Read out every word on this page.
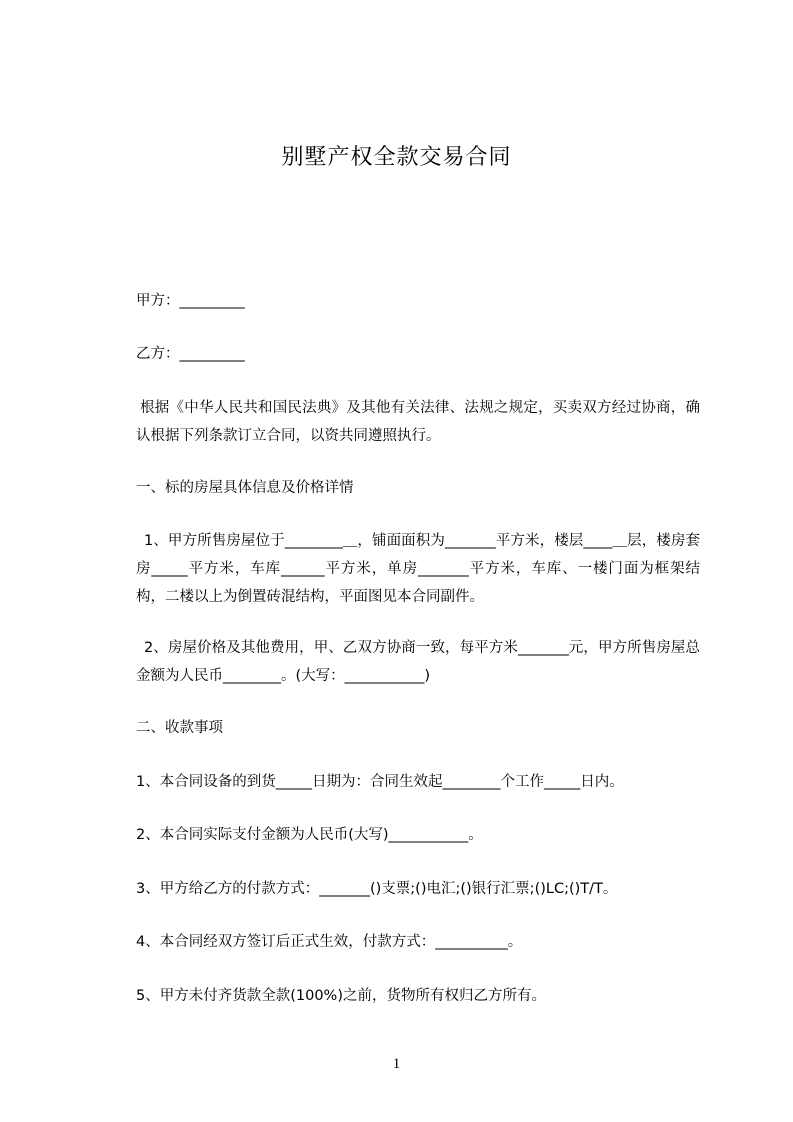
别墅产权全款交易合同
甲方：_________
乙方：_________

根据《中华人民共和国民法典》及其他有关法律、法规之规定，买卖双方经过协商，确认根据下列条款订立合同，以资共同遵照执行。

一、标的房屋具体信息及价格详情

1、甲方所售房屋位于________＿，铺面面积为_______平方米，楼层____＿层，楼房套房_____平方米，车库______平方米，单房_______平方米，车库、一楼门面为框架结构，二楼以上为倒置砖混结构，平面图见本合同副件。

2、房屋价格及其他费用，甲、乙双方协商一致，每平方米_______元，甲方所售房屋总金额为人民币________。(大写：___________)

二、收款事项
1、本合同设备的到货_____日期为：合同生效起________个工作_____日内。
2、本合同实际支付金额为人民币(大写)___________。
3、甲方给乙方的付款方式：_______()支票;()电汇;()银行汇票;()LC;()T/T。
4、本合同经双方签订后正式生效，付款方式：__________。
5、甲方未付齐货款全款(100%)之前，货物所有权归乙方所有。
1
